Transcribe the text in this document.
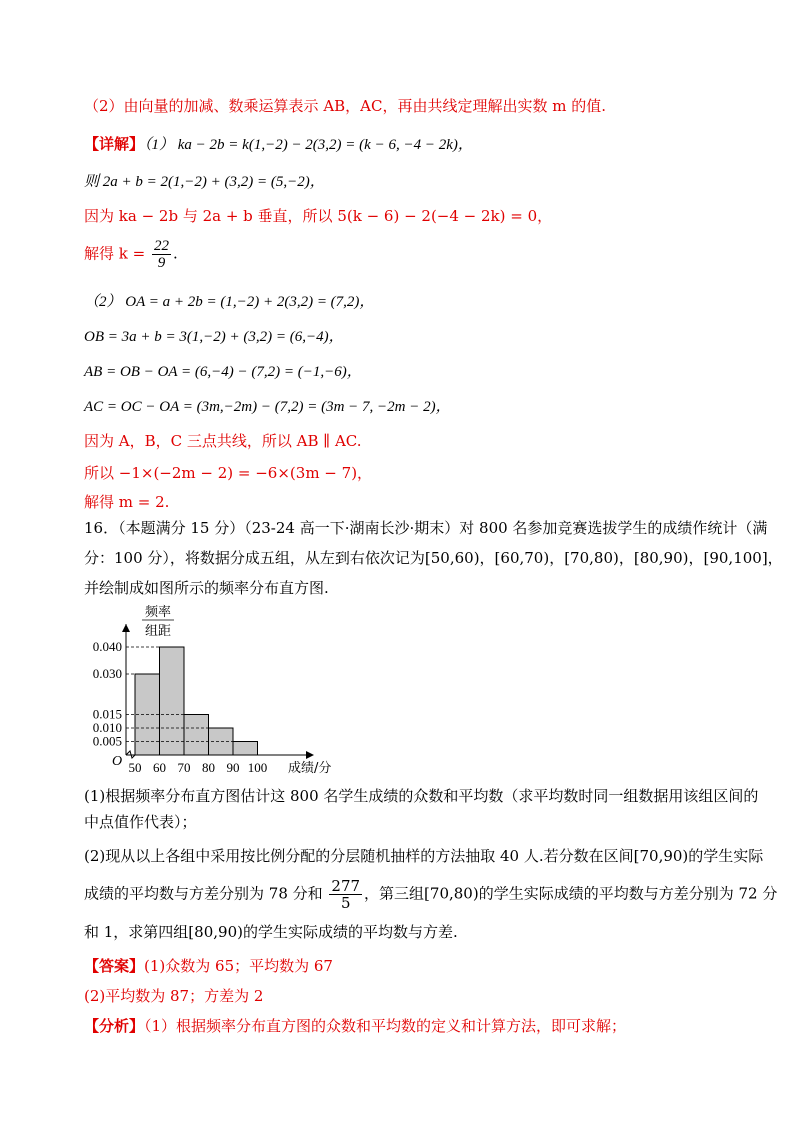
（2）由向量的加减、数乘运算表示 AB，AC，再由共线定理解出实数 m 的值.
【详解】（1） ka − 2b = k(1,−2) − 2(3,2) = (k − 6, −4 − 2k)，
则 2a + b = 2(1,−2) + (3,2) = (5,−2)，
因为 ka − 2b 与 2a + b 垂直，所以 5(k − 6) − 2(−4 − 2k) = 0，
解得 $k = \frac{22}{9}$ .
（2） OA = a + 2b = (1,−2) + 2(3,2) = (7,2)，
OB = 3a + b = 3(1,−2) + (3,2) = (6,−4)，
AB = OB − OA = (6,−4) − (7,2) = (−1,−6)，
AC = OC − OA = (3m,−2m) − (7,2) = (3m − 7, −2m − 2)，
因为 A，B，C 三点共线，所以 AB ∥ AC.
所以 −1×(−2m − 2) = −6×(3m − 7)，
解得 m = 2.
16．（本题满分 15 分）（23-24 高一下·湖南长沙·期末）对 800 名参加竞赛选拔学生的成绩作统计（满
分：100 分），将数据分成五组，从左到右依次记为[50,60)，[60,70)，[70,80)，[80,90)，[90,100]，
并绘制成如图所示的频率分布直方图.
0.040
0.030
0.015
0.010
0.005
50 60 70 80 90 100
O	成绩/分
频率
组距
(1)根据频率分布直方图估计这 800 名学生成绩的众数和平均数（求平均数时同一组数据用该组区间的
中点值作代表）；
(2)现从以上各组中采用按比例分配的分层随机抽样的方法抽取 40 人.若分数在区间[70,90)的学生实际
成绩的平均数与方差分别为 78 分和 $\frac{277}{5}$ ，第三组[70,80)的学生实际成绩的平均数与方差分别为 72 分
和 1，求第四组[80,90)的学生实际成绩的平均数与方差.
【答案】(1)众数为 65；平均数为 67
(2)平均数为 87；方差为 2
【分析】（1）根据频率分布直方图的众数和平均数的定义和计算方法，即可求解；
